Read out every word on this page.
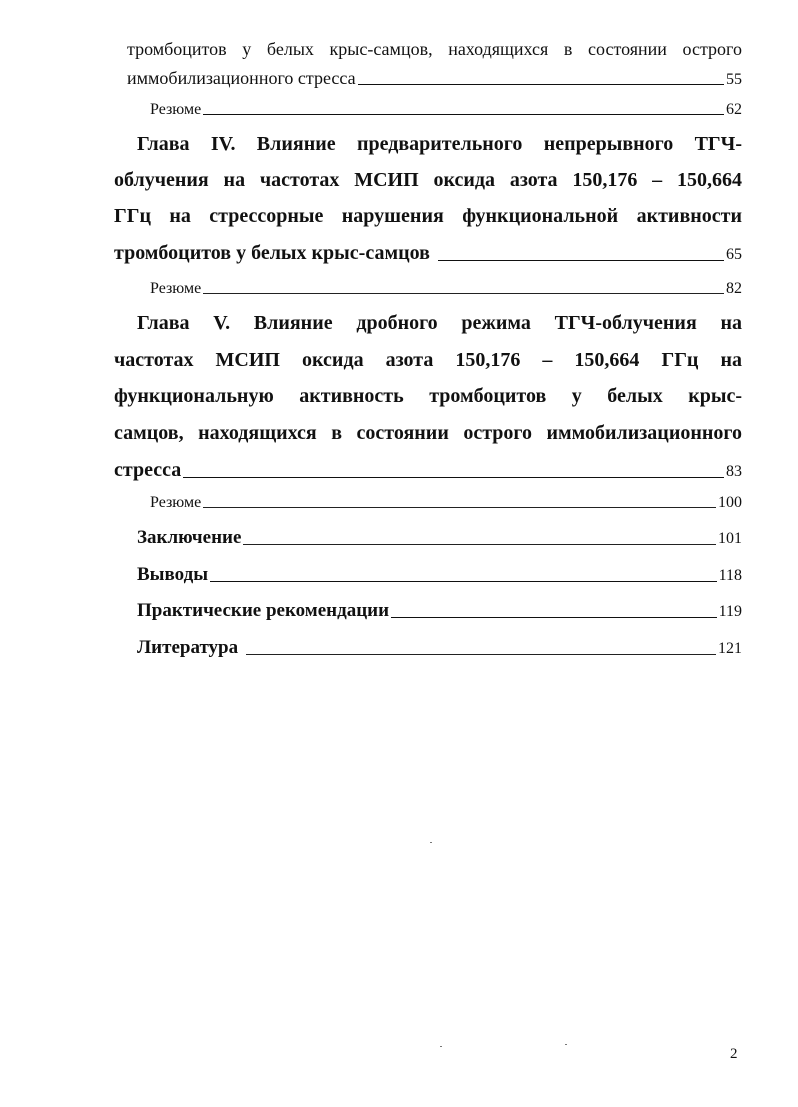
тромбоцитов у белых крыс-самцов, находящихся в состоянии острого
иммобилизационного стресса	55
Резюме	62
Глава IV. Влияние предварительного непрерывного ТГЧ-
облучения на частотах МСИП оксида азота 150,176 – 150,664
ГГц на стрессорные нарушения функциональной активности
тромбоцитов у белых крыс-самцов	65
Резюме	82
Глава V. Влияние дробного режима ТГЧ-облучения на
частотах МСИП оксида азота 150,176 – 150,664 ГГц на
функциональную активность тромбоцитов у белых крыс-
самцов, находящихся в состоянии острого иммобилизационного
стресса	83
Резюме	100
Заключение	101
Выводы	118
Практические рекомендации	119
Литература	121
2
